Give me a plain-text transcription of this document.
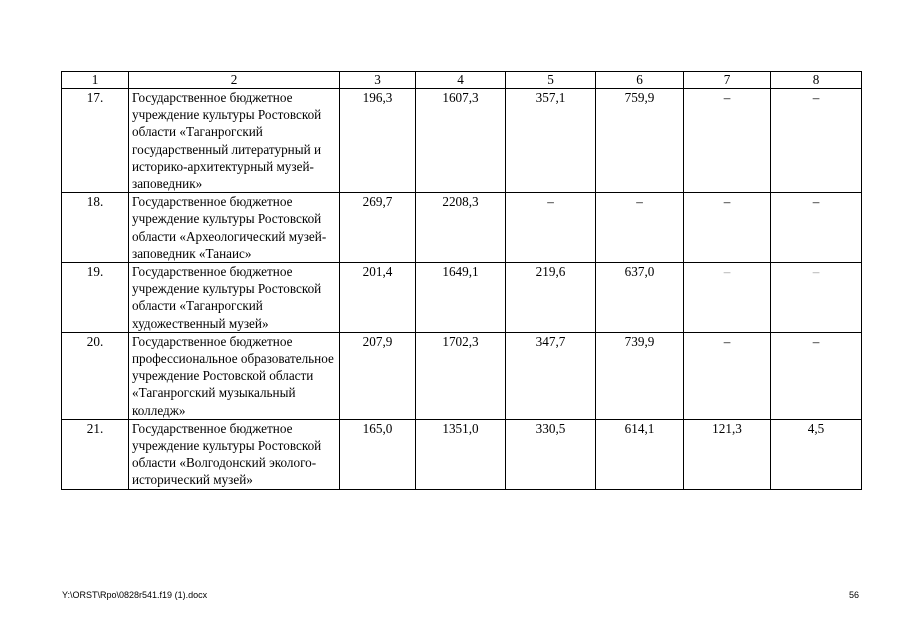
1	2	3	4	5	6	7	8
17.	Государственное бюджетное учреждение культуры Ростовской области «Таганрогский государственный литературный и историко-архитектурный музей-заповедник»	196,3	1607,3	357,1	759,9	–	–
18.	Государственное бюджетное учреждение культуры Ростовской области «Археологический музей-заповедник «Танаис»	269,7	2208,3	–	–	–	–
19.	Государственное бюджетное учреждение культуры Ростовской области «Таганрогский художественный музей»	201,4	1649,1	219,6	637,0	–	–
20.	Государственное бюджетное профессиональное образовательное учреждение Ростовской области «Таганрогский музыкальный колледж»	207,9	1702,3	347,7	739,9	–	–
21.	Государственное бюджетное учреждение культуры Ростовской области «Волгодонский эколого-исторический музей»	165,0	1351,0	330,5	614,1	121,3	4,5
Y:\ORST\Rpo\0828r541.f19 (1).docx	56
